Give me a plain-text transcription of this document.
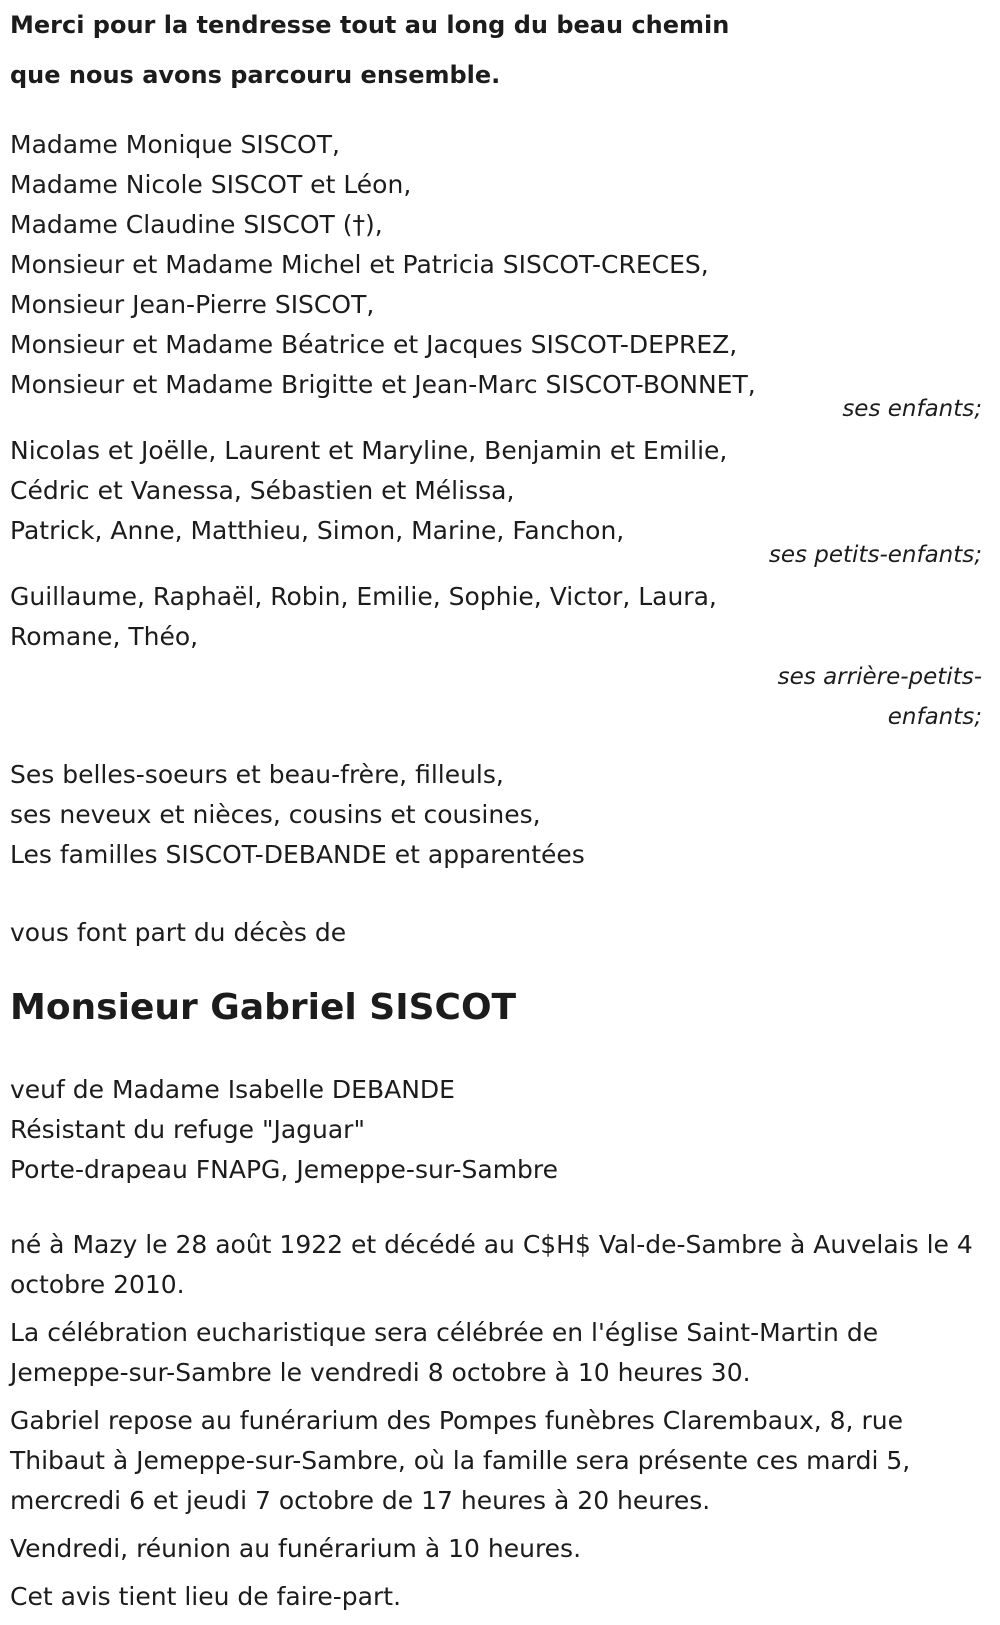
Merci pour la tendresse tout au long du beau chemin
que nous avons parcouru ensemble.
Madame Monique SISCOT,
Madame Nicole SISCOT et Léon,
Madame Claudine SISCOT (†),
Monsieur et Madame Michel et Patricia SISCOT-CRECES,
Monsieur Jean-Pierre SISCOT,
Monsieur et Madame Béatrice et Jacques SISCOT-DEPREZ,
Monsieur et Madame Brigitte et Jean-Marc SISCOT-BONNET,
ses enfants;
Nicolas et Joëlle, Laurent et Maryline, Benjamin et Emilie,
Cédric et Vanessa, Sébastien et Mélissa,
Patrick, Anne, Matthieu, Simon, Marine, Fanchon,
ses petits-enfants;
Guillaume, Raphaël, Robin, Emilie, Sophie, Victor, Laura,
Romane, Théo,
ses arrière-petits-
enfants;
Ses belles-soeurs et beau-frère, filleuls,
ses neveux et nièces, cousins et cousines,
Les familles SISCOT-DEBANDE et apparentées
vous font part du décès de
Monsieur Gabriel SISCOT
veuf de Madame Isabelle DEBANDE
Résistant du refuge "Jaguar"
Porte-drapeau FNAPG, Jemeppe-sur-Sambre
né à Mazy le 28 août 1922 et décédé au C$H$ Val-de-Sambre à Auvelais le 4 octobre 2010.
La célébration eucharistique sera célébrée en l'église Saint-Martin de Jemeppe-sur-Sambre le vendredi 8 octobre à 10 heures 30.
Gabriel repose au funérarium des Pompes funèbres Clarembaux, 8, rue Thibaut à Jemeppe-sur-Sambre, où la famille sera présente ces mardi 5, mercredi 6 et jeudi 7 octobre de 17 heures à 20 heures.
Vendredi, réunion au funérarium à 10 heures.
Cet avis tient lieu de faire-part.
